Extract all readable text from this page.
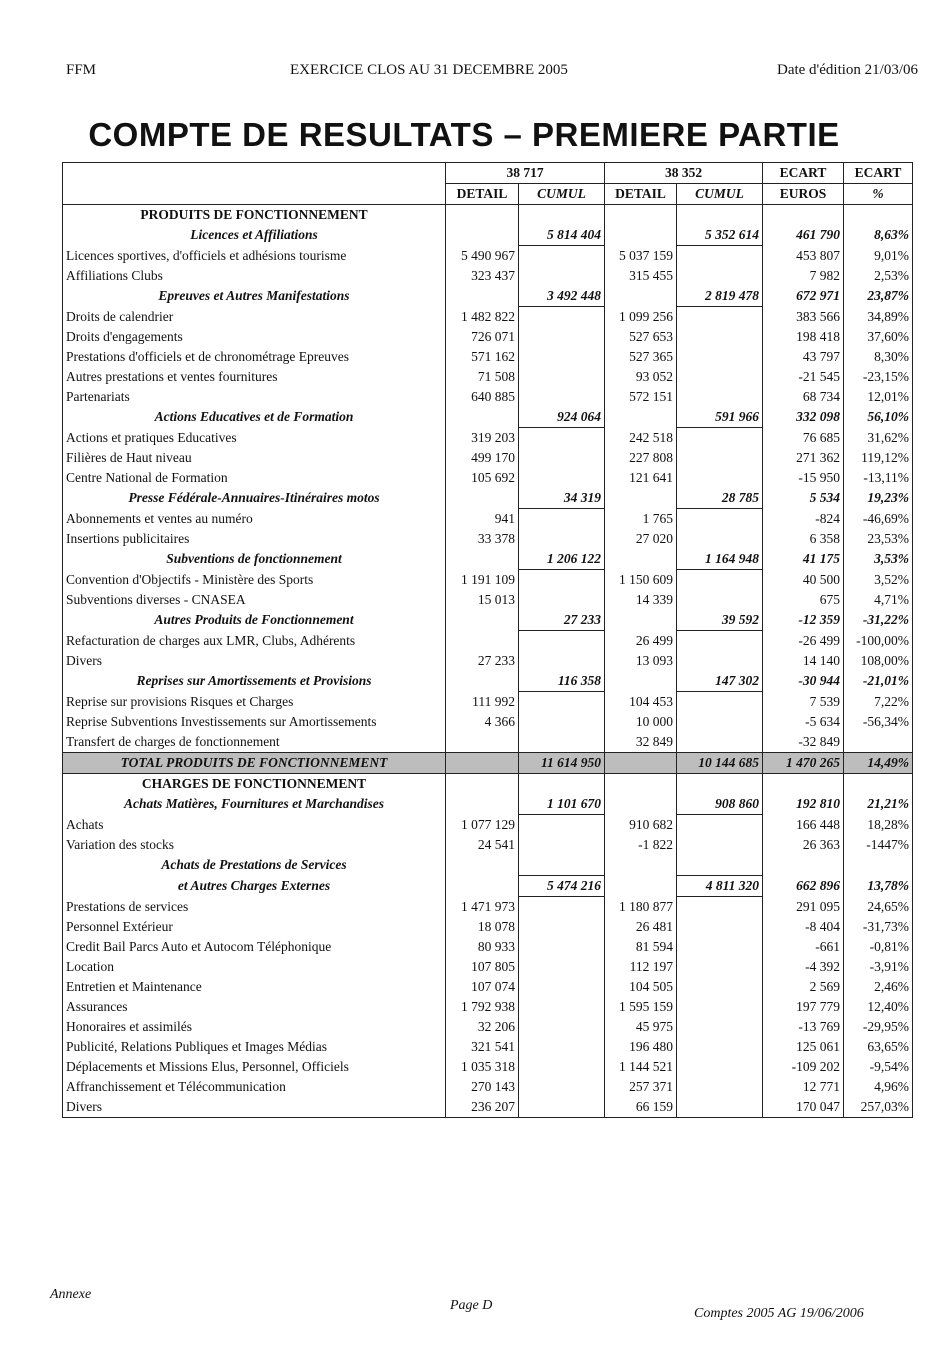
FFM	EXERCICE CLOS AU 31 DECEMBRE 2005	Date d'édition 21/03/06
COMPTE DE RESULTATS – PREMIERE PARTIE
	38 717		38 352		ECART	ECART
	DETAIL	CUMUL	DETAIL	CUMUL	EUROS	%
PRODUITS DE FONCTIONNEMENT						
Licences et Affiliations		5 814 404		5 352 614	461 790	8,63%
Licences sportives, d'officiels et adhésions tourisme	5 490 967		5 037 159		453 807	9,01%
Affiliations Clubs	323 437		315 455		7 982	2,53%
Epreuves et Autres Manifestations		3 492 448		2 819 478	672 971	23,87%
Droits de calendrier	1 482 822		1 099 256		383 566	34,89%
Droits d'engagements	726 071		527 653		198 418	37,60%
Prestations d'officiels et de chronométrage Epreuves	571 162		527 365		43 797	8,30%
Autres prestations et ventes fournitures	71 508		93 052		-21 545	-23,15%
Partenariats	640 885		572 151		68 734	12,01%
Actions Educatives et de Formation		924 064		591 966	332 098	56,10%
Actions et pratiques Educatives	319 203		242 518		76 685	31,62%
Filières de Haut niveau	499 170		227 808		271 362	119,12%
Centre National de Formation	105 692		121 641		-15 950	-13,11%
Presse Fédérale-Annuaires-Itinéraires motos		34 319		28 785	5 534	19,23%
Abonnements et ventes au numéro	941		1 765		-824	-46,69%
Insertions publicitaires	33 378		27 020		6 358	23,53%
Subventions de fonctionnement		1 206 122		1 164 948	41 175	3,53%
Convention d'Objectifs - Ministère des Sports	1 191 109		1 150 609		40 500	3,52%
Subventions diverses - CNASEA	15 013		14 339		675	4,71%
Autres Produits de Fonctionnement		27 233		39 592	-12 359	-31,22%
Refacturation de charges aux LMR, Clubs, Adhérents			26 499		-26 499	-100,00%
Divers	27 233		13 093		14 140	108,00%
Reprises sur Amortissements et Provisions		116 358		147 302	-30 944	-21,01%
Reprise sur provisions Risques et Charges	111 992		104 453		7 539	7,22%
Reprise Subventions Investissements sur Amortissements	4 366		10 000		-5 634	-56,34%
Transfert de charges de fonctionnement			32 849		-32 849	
TOTAL PRODUITS DE FONCTIONNEMENT		11 614 950		10 144 685	1 470 265	14,49%
CHARGES DE FONCTIONNEMENT						
Achats Matières, Fournitures et Marchandises		1 101 670		908 860	192 810	21,21%
Achats	1 077 129		910 682		166 448	18,28%
Variation des stocks	24 541		-1 822		26 363	-1447%
Achats de Prestations de Services						
et Autres Charges Externes		5 474 216		4 811 320	662 896	13,78%
Prestations de services	1 471 973		1 180 877		291 095	24,65%
Personnel Extérieur	18 078		26 481		-8 404	-31,73%
Credit Bail Parcs Auto et Autocom Téléphonique	80 933		81 594		-661	-0,81%
Location	107 805		112 197		-4 392	-3,91%
Entretien et Maintenance	107 074		104 505		2 569	2,46%
Assurances	1 792 938		1 595 159		197 779	12,40%
Honoraires et assimilés	32 206		45 975		-13 769	-29,95%
Publicité, Relations Publiques et Images Médias	321 541		196 480		125 061	63,65%
Déplacements et Missions Elus, Personnel, Officiels	1 035 318		1 144 521		-109 202	-9,54%
Affranchissement et Télécommunication	270 143		257 371		12 771	4,96%
Divers	236 207		66 159		170 047	257,03%
Annexe
Page D
Comptes 2005 AG 19/06/2006
